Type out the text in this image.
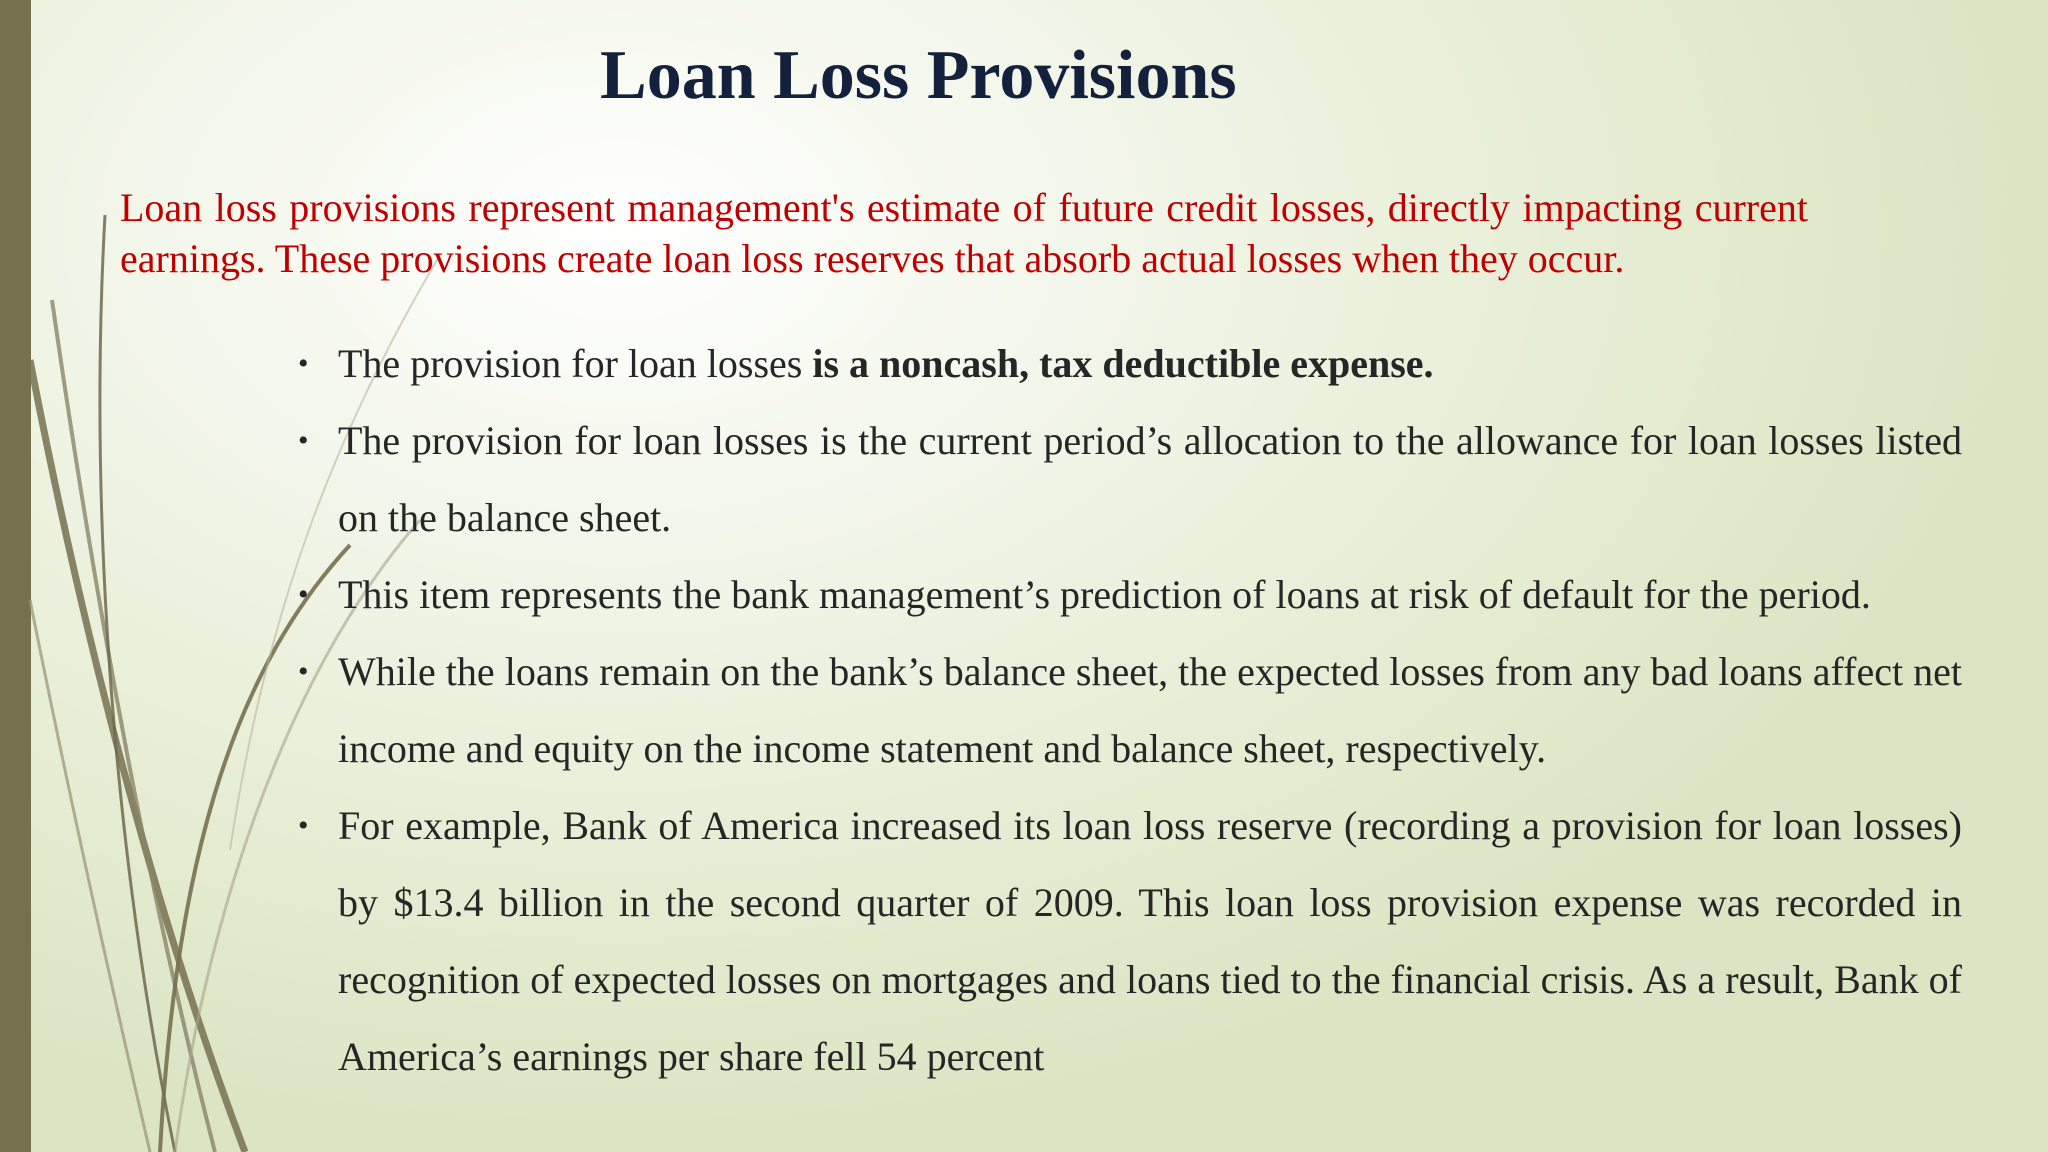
Loan Loss Provisions

Loan loss provisions represent management's estimate of future credit losses, directly impacting current earnings. These provisions create loan loss reserves that absorb actual losses when they occur.

• The provision for loan losses is a noncash, tax deductible expense.
• The provision for loan losses is the current period’s allocation to the allowance for loan losses listed on the balance sheet.
• This item represents the bank management’s prediction of loans at risk of default for the period.
• While the loans remain on the bank’s balance sheet, the expected losses from any bad loans affect net income and equity on the income statement and balance sheet, respectively.
• For example, Bank of America increased its loan loss reserve (recording a provision for loan losses) by $13.4 billion in the second quarter of 2009. This loan loss provision expense was recorded in recognition of expected losses on mortgages and loans tied to the financial crisis. As a result, Bank of America’s earnings per share fell 54 percent
